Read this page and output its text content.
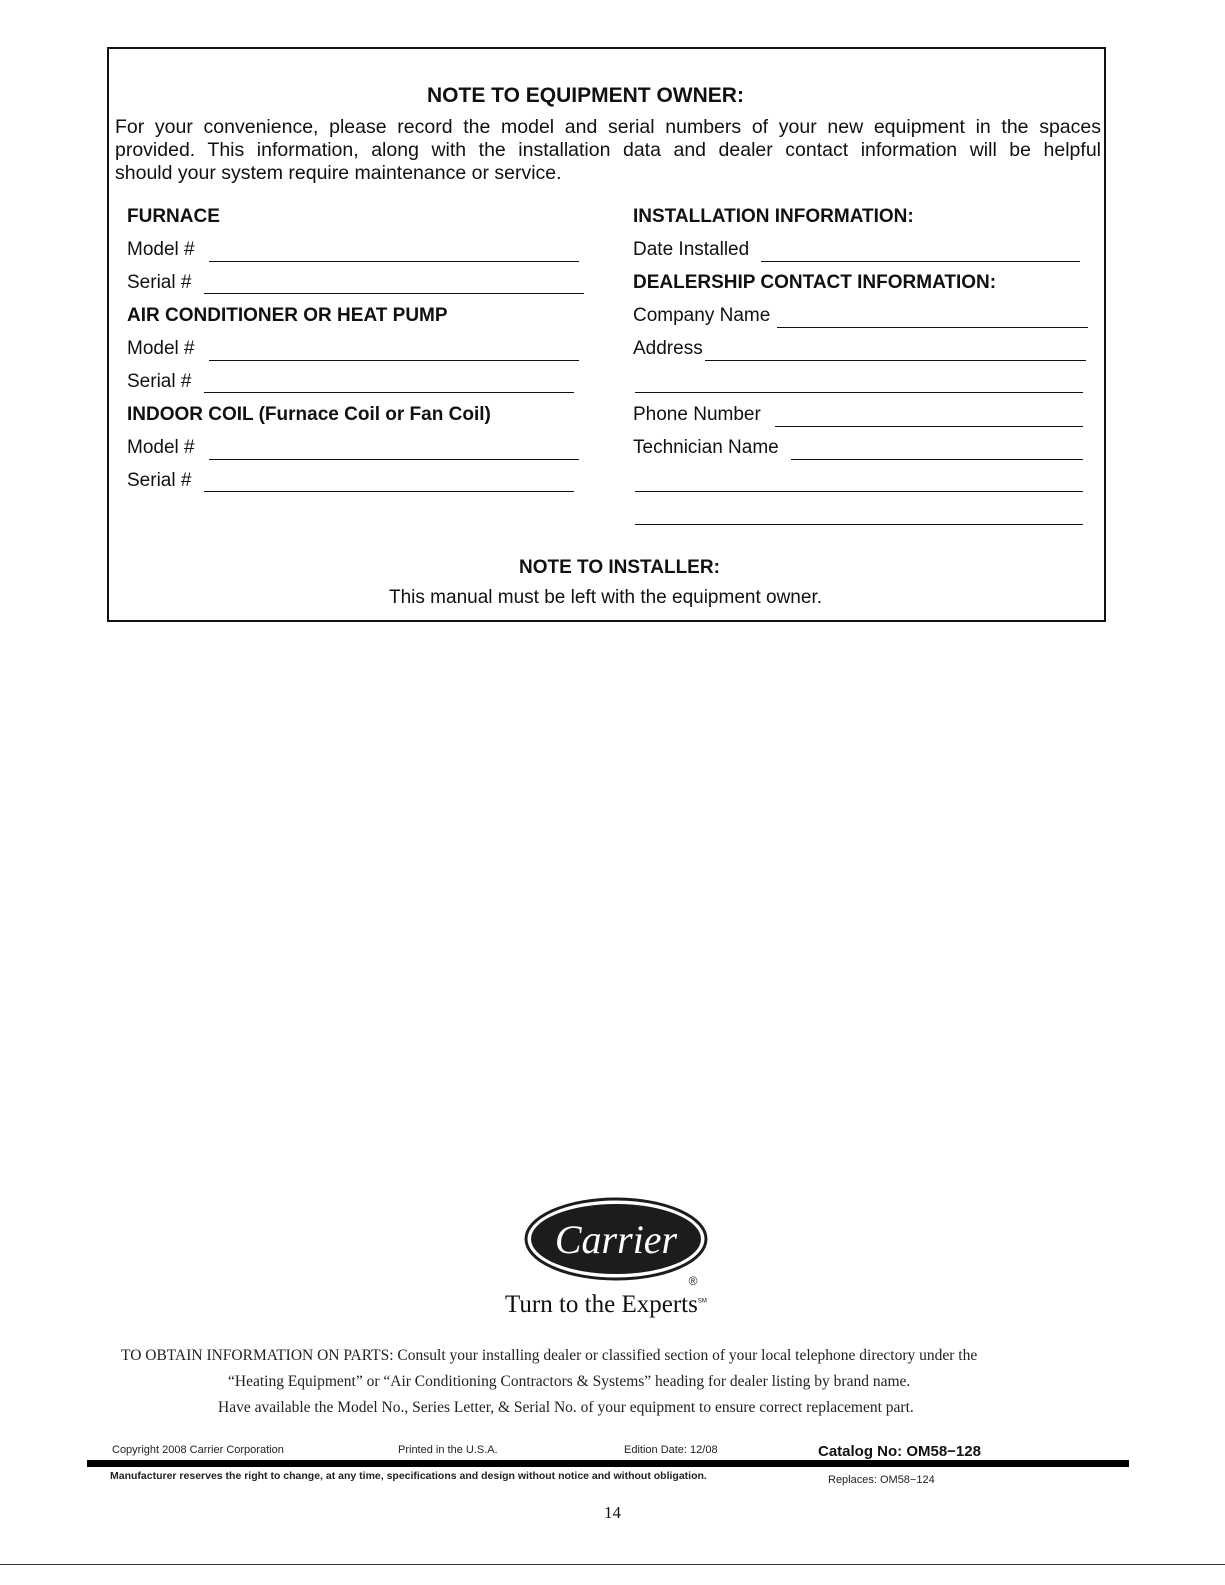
NOTE TO EQUIPMENT OWNER:
For your convenience, please record the model and serial numbers of your new equipment in the spaces
provided. This information, along with the installation data and dealer contact information will be helpful
should your system require maintenance or service.
FURNACE
Model #
Serial #
AIR CONDITIONER OR HEAT PUMP
Model #
Serial #
INDOOR COIL (Furnace Coil or Fan Coil)
Model #
Serial #
INSTALLATION INFORMATION:
Date Installed
DEALERSHIP CONTACT INFORMATION:
Company Name
Address
Phone Number
Technician Name
NOTE TO INSTALLER:
This manual must be left with the equipment owner.
Carrier
®
Turn to the Experts℠
TO OBTAIN INFORMATION ON PARTS: Consult your installing dealer or classified section of your local telephone directory under the
“Heating Equipment” or “Air Conditioning Contractors & Systems” heading for dealer listing by brand name.
Have available the Model No., Series Letter, & Serial No. of your equipment to ensure correct replacement part.
Copyright 2008 Carrier Corporation	Printed in the U.S.A.	Edition Date: 12/08	Catalog No: OM58−128
Manufacturer reserves the right to change, at any time, specifications and design without notice and without obligation.	Replaces: OM58−124
14
